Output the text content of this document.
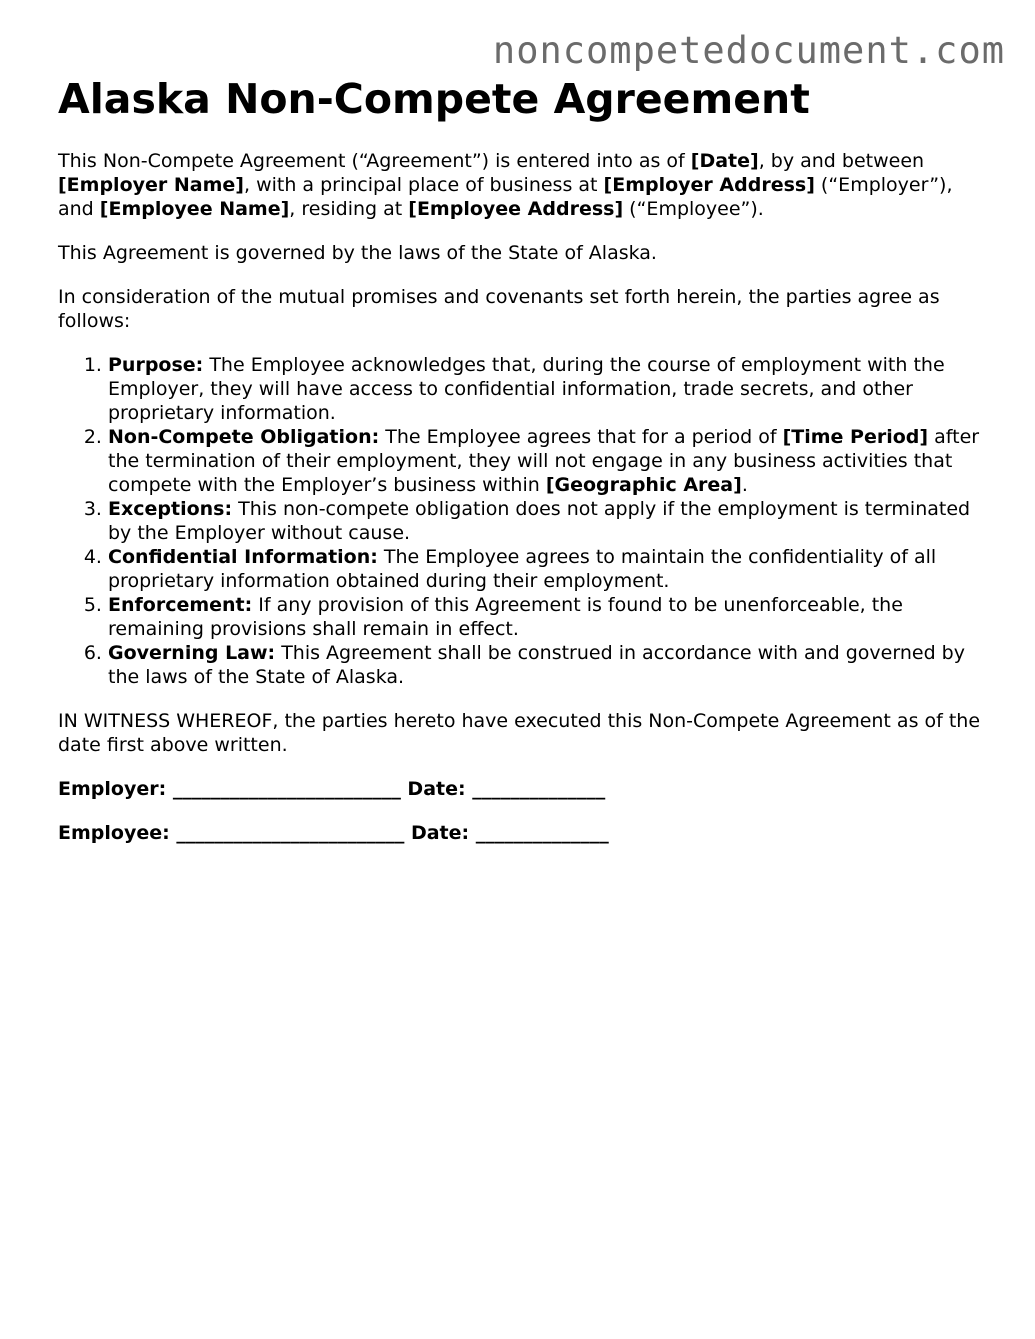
noncompetedocument.com
Alaska Non-Compete Agreement

This Non-Compete Agreement (“Agreement”) is entered into as of [Date], by and between [Employer Name], with a principal place of business at [Employer Address] (“Employer”), and [Employee Name], residing at [Employee Address] (“Employee”).

This Agreement is governed by the laws of the State of Alaska.

In consideration of the mutual promises and covenants set forth herein, the parties agree as follows:

1. Purpose: The Employee acknowledges that, during the course of employment with the Employer, they will have access to confidential information, trade secrets, and other proprietary information.
2. Non-Compete Obligation: The Employee agrees that for a period of [Time Period] after the termination of their employment, they will not engage in any business activities that compete with the Employer’s business within [Geographic Area].
3. Exceptions: This non-compete obligation does not apply if the employment is terminated by the Employer without cause.
4. Confidential Information: The Employee agrees to maintain the confidentiality of all proprietary information obtained during their employment.
5. Enforcement: If any provision of this Agreement is found to be unenforceable, the remaining provisions shall remain in effect.
6. Governing Law: This Agreement shall be construed in accordance with and governed by the laws of the State of Alaska.

IN WITNESS WHEREOF, the parties hereto have executed this Non-Compete Agreement as of the date first above written.

Employer: ________________________ Date: ______________
Employee: ________________________ Date: ______________
